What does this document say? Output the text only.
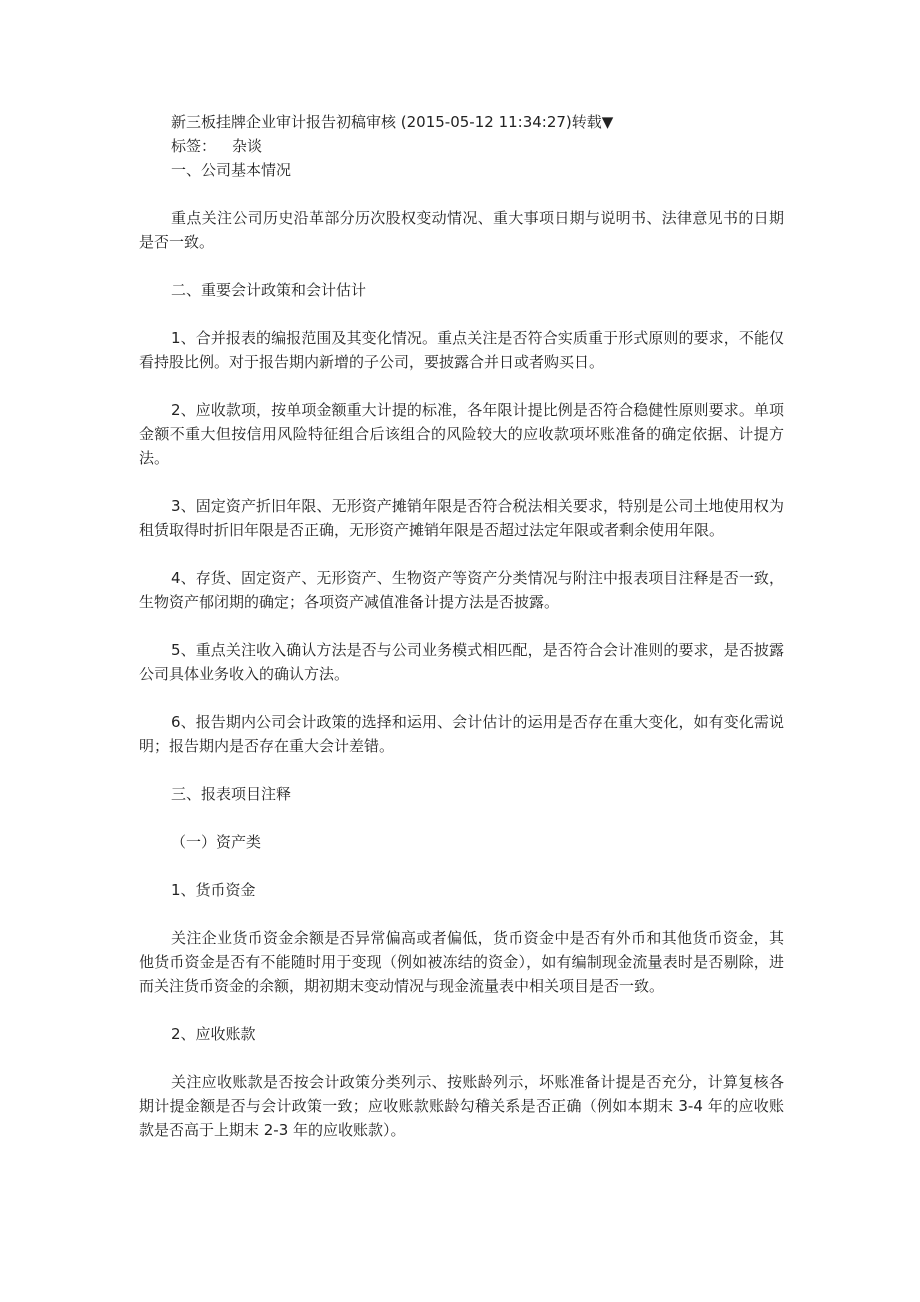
新三板挂牌企业审计报告初稿审核 (2015-05-12 11:34:27)转载▼

标签： 杂谈

一、公司基本情况

重点关注公司历史沿革部分历次股权变动情况、重大事项日期与说明书、法律意见书的日期是否一致。

二、重要会计政策和会计估计

1、合并报表的编报范围及其变化情况。重点关注是否符合实质重于形式原则的要求，不能仅看持股比例。对于报告期内新增的子公司，要披露合并日或者购买日。

2、应收款项，按单项金额重大计提的标准，各年限计提比例是否符合稳健性原则要求。单项金额不重大但按信用风险特征组合后该组合的风险较大的应收款项坏账准备的确定依据、计提方法。

3、固定资产折旧年限、无形资产摊销年限是否符合税法相关要求，特别是公司土地使用权为租赁取得时折旧年限是否正确，无形资产摊销年限是否超过法定年限或者剩余使用年限。

4、存货、固定资产、无形资产、生物资产等资产分类情况与附注中报表项目注释是否一致，生物资产郁闭期的确定；各项资产减值准备计提方法是否披露。

5、重点关注收入确认方法是否与公司业务模式相匹配，是否符合会计准则的要求，是否披露公司具体业务收入的确认方法。

6、报告期内公司会计政策的选择和运用、会计估计的运用是否存在重大变化，如有变化需说明；报告期内是否存在重大会计差错。

三、报表项目注释

（一）资产类

1、货币资金

关注企业货币资金余额是否异常偏高或者偏低，货币资金中是否有外币和其他货币资金，其他货币资金是否有不能随时用于变现（例如被冻结的资金），如有编制现金流量表时是否剔除，进而关注货币资金的余额，期初期末变动情况与现金流量表中相关项目是否一致。

2、应收账款

关注应收账款是否按会计政策分类列示、按账龄列示，坏账准备计提是否充分，计算复核各期计提金额是否与会计政策一致；应收账款账龄勾稽关系是否正确（例如本期末 3-4 年的应收账款是否高于上期末 2-3 年的应收账款）。
